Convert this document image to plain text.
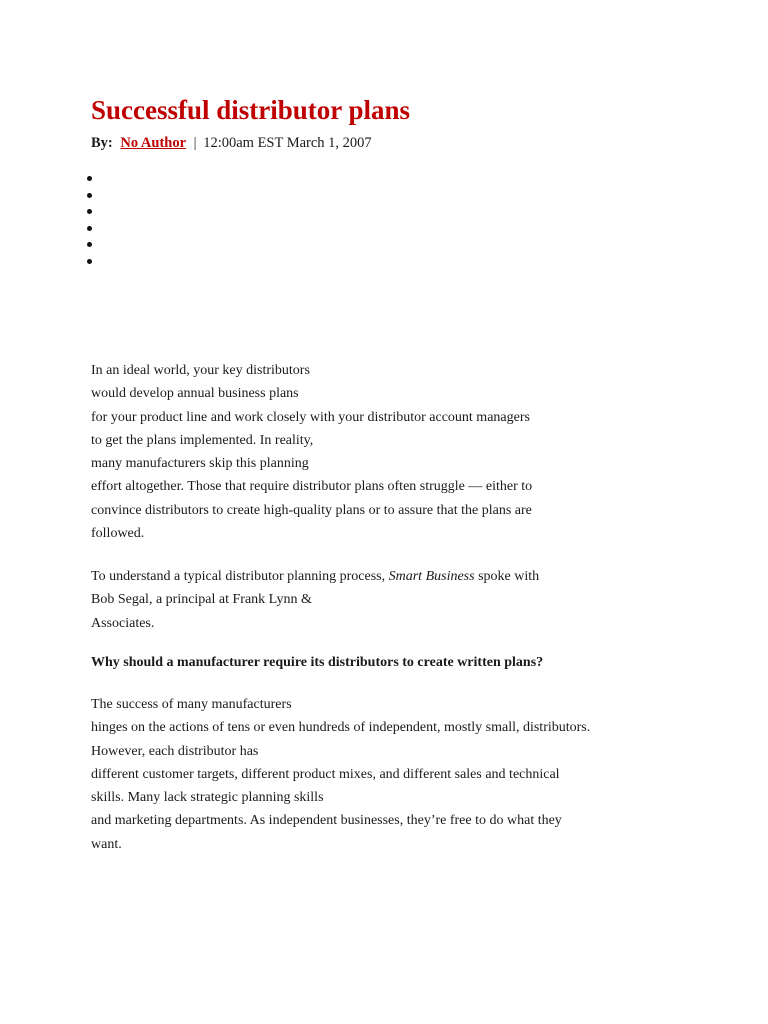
Successful distributor plans
By: No Author | 12:00am EST March 1, 2007

In an ideal world, your key distributors
would develop annual business plans
for your product line and work closely with your distributor account managers
to get the plans implemented. In reality,
many manufacturers skip this planning
effort altogether. Those that require distributor plans often struggle — either to
convince distributors to create high-quality plans or to assure that the plans are
followed.

To understand a typical distributor planning process, Smart Business spoke with
Bob Segal, a principal at Frank Lynn &
Associates.

Why should a manufacturer require its distributors to create written plans?

The success of many manufacturers
hinges on the actions of tens or even hundreds of independent, mostly small, distributors.
However, each distributor has
different customer targets, different product mixes, and different sales and technical
skills. Many lack strategic planning skills
and marketing departments. As independent businesses, they’re free to do what they
want.
